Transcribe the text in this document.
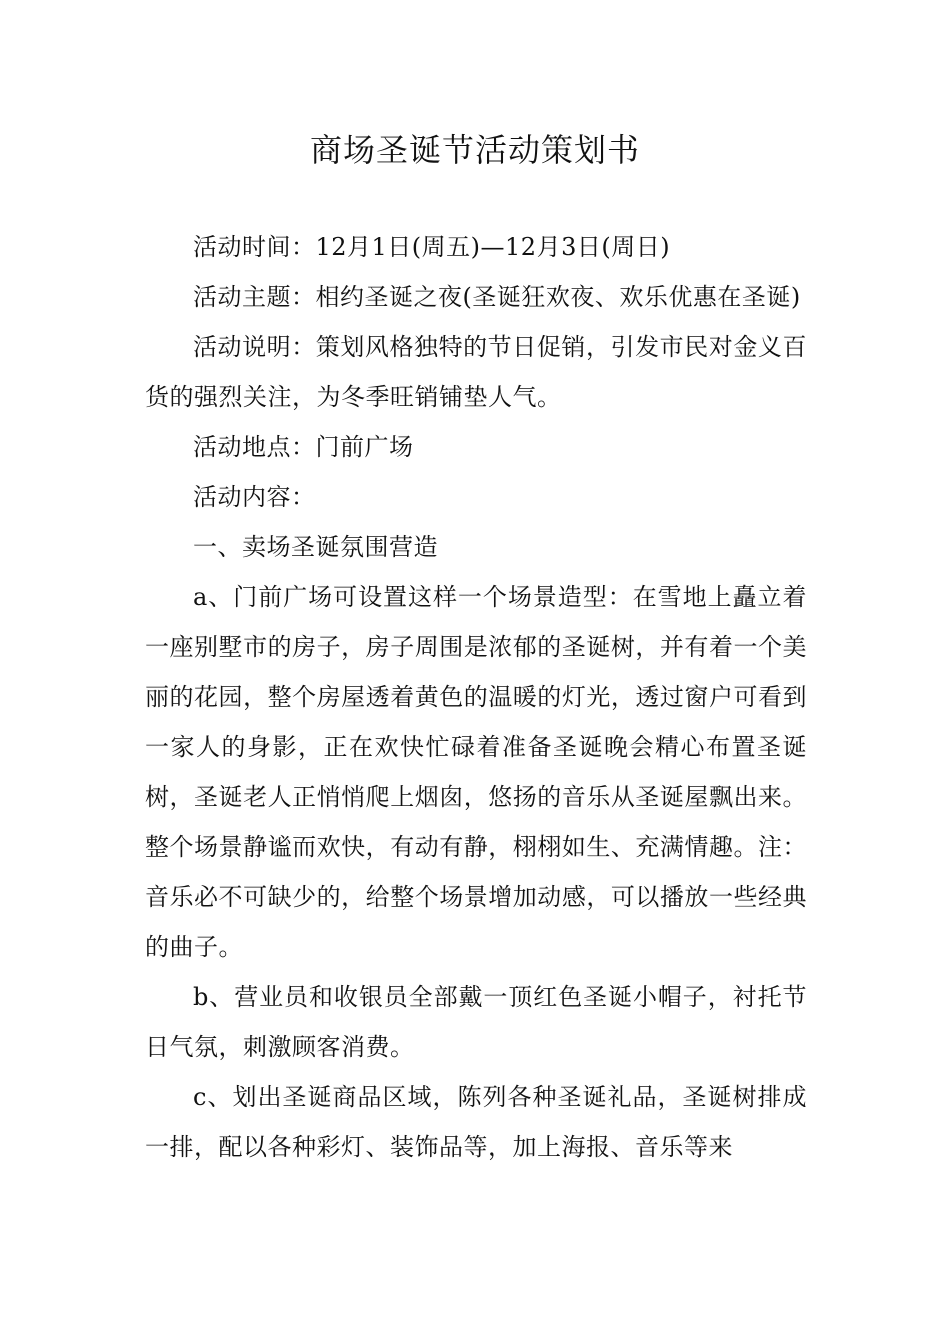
商场圣诞节活动策划书

活动时间：12月1日(周五)—12月3日(周日)

活动主题：相约圣诞之夜(圣诞狂欢夜、欢乐优惠在圣诞)

活动说明：策划风格独特的节日促销，引发市民对金义百货的强烈关注，为冬季旺销铺垫人气。

活动地点：门前广场

活动内容：

一、卖场圣诞氛围营造

a、门前广场可设置这样一个场景造型：在雪地上矗立着一座别墅市的房子，房子周围是浓郁的圣诞树，并有着一个美丽的花园，整个房屋透着黄色的温暖的灯光，透过窗户可看到一家人的身影，正在欢快忙碌着准备圣诞晚会精心布置圣诞树，圣诞老人正悄悄爬上烟囱，悠扬的音乐从圣诞屋飘出来。整个场景静谧而欢快，有动有静，栩栩如生、充满情趣。注：音乐必不可缺少的，给整个场景增加动感，可以播放一些经典的曲子。

b、营业员和收银员全部戴一顶红色圣诞小帽子，衬托节日气氛，刺激顾客消费。

c、划出圣诞商品区域，陈列各种圣诞礼品，圣诞树排成一排，配以各种彩灯、装饰品等，加上海报、音乐等来
